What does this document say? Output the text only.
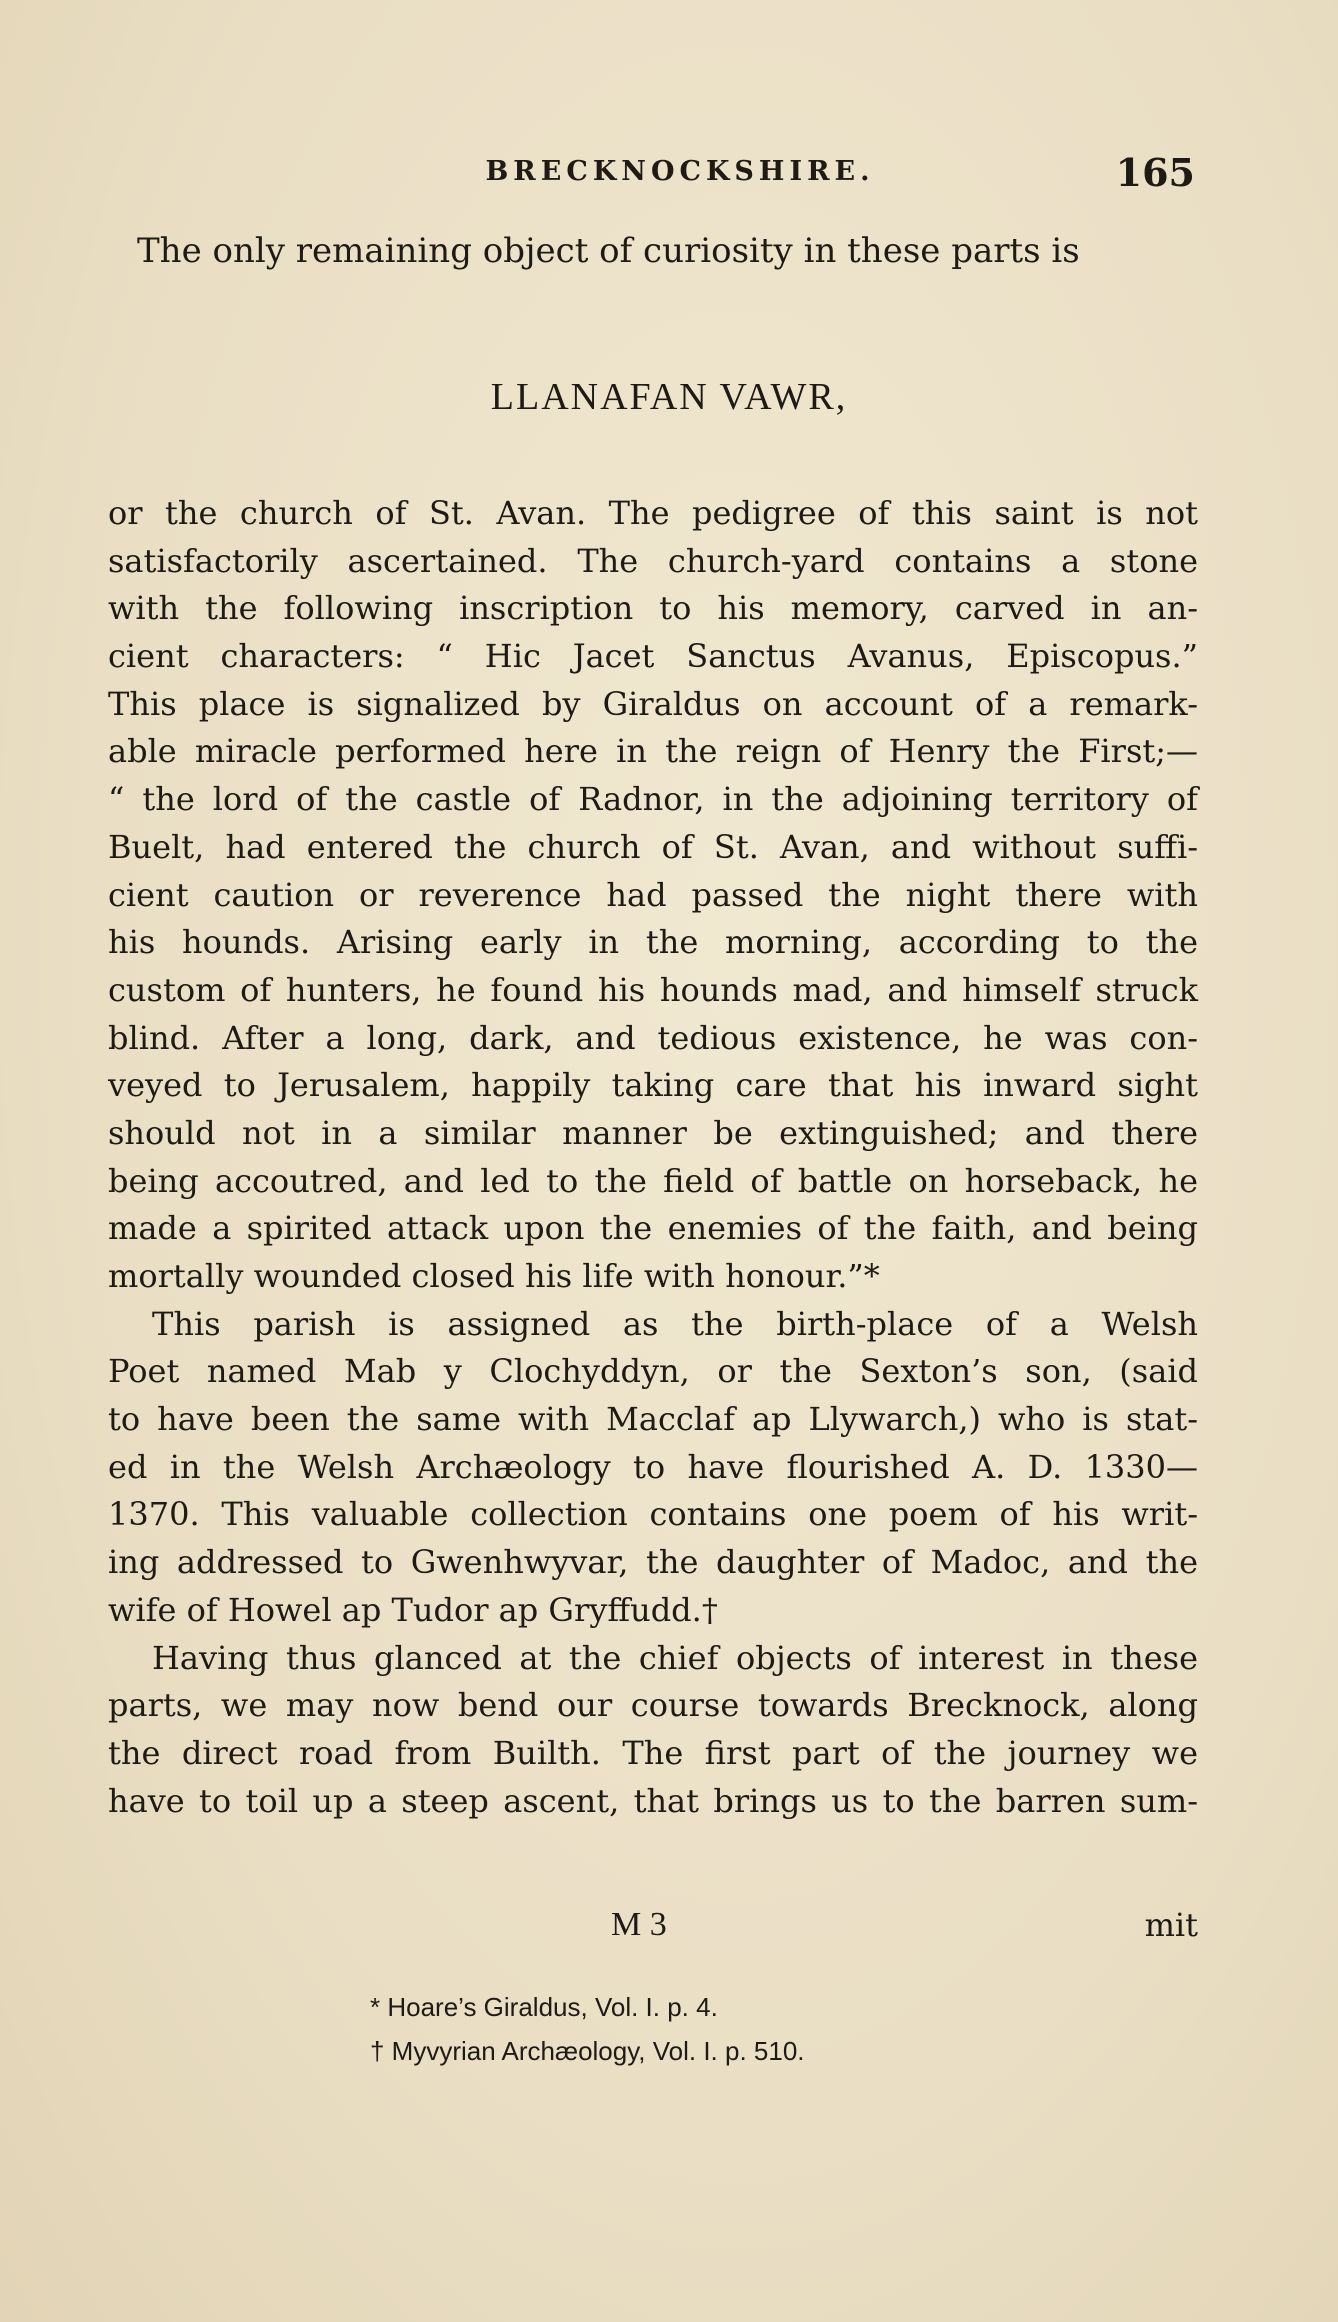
BRECKNOCKSHIRE.	165
The only remaining object of curiosity in these parts is
LLANAFAN VAWR,
or the church of St. Avan. The pedigree of this saint is not
satisfactorily ascertained. The church-yard contains a stone
with the following inscription to his memory, carved in an-
cient characters: “ Hic Jacet Sanctus Avanus, Episcopus.”
This place is signalized by Giraldus on account of a remark-
able miracle performed here in the reign of Henry the First;—
“ the lord of the castle of Radnor, in the adjoining territory of
Buelt, had entered the church of St. Avan, and without suffi-
cient caution or reverence had passed the night there with
his hounds. Arising early in the morning, according to the
custom of hunters, he found his hounds mad, and himself struck
blind. After a long, dark, and tedious existence, he was con-
veyed to Jerusalem, happily taking care that his inward sight
should not in a similar manner be extinguished; and there
being accoutred, and led to the field of battle on horseback, he
made a spirited attack upon the enemies of the faith, and being
mortally wounded closed his life with honour.”*
This parish is assigned as the birth-place of a Welsh
Poet named Mab y Clochyddyn, or the Sexton’s son, (said
to have been the same with Macclaf ap Llywarch,) who is stat-
ed in the Welsh Archæology to have flourished A. D. 1330—
1370. This valuable collection contains one poem of his writ-
ing addressed to Gwenhwyvar, the daughter of Madoc, and the
wife of Howel ap Tudor ap Gryffudd.†
Having thus glanced at the chief objects of interest in these
parts, we may now bend our course towards Brecknock, along
the direct road from Builth. The first part of the journey we
have to toil up a steep ascent, that brings us to the barren sum-
M 3	mit
* Hoare’s Giraldus, Vol. I. p. 4.
† Myvyrian Archæology, Vol. I. p. 510.
